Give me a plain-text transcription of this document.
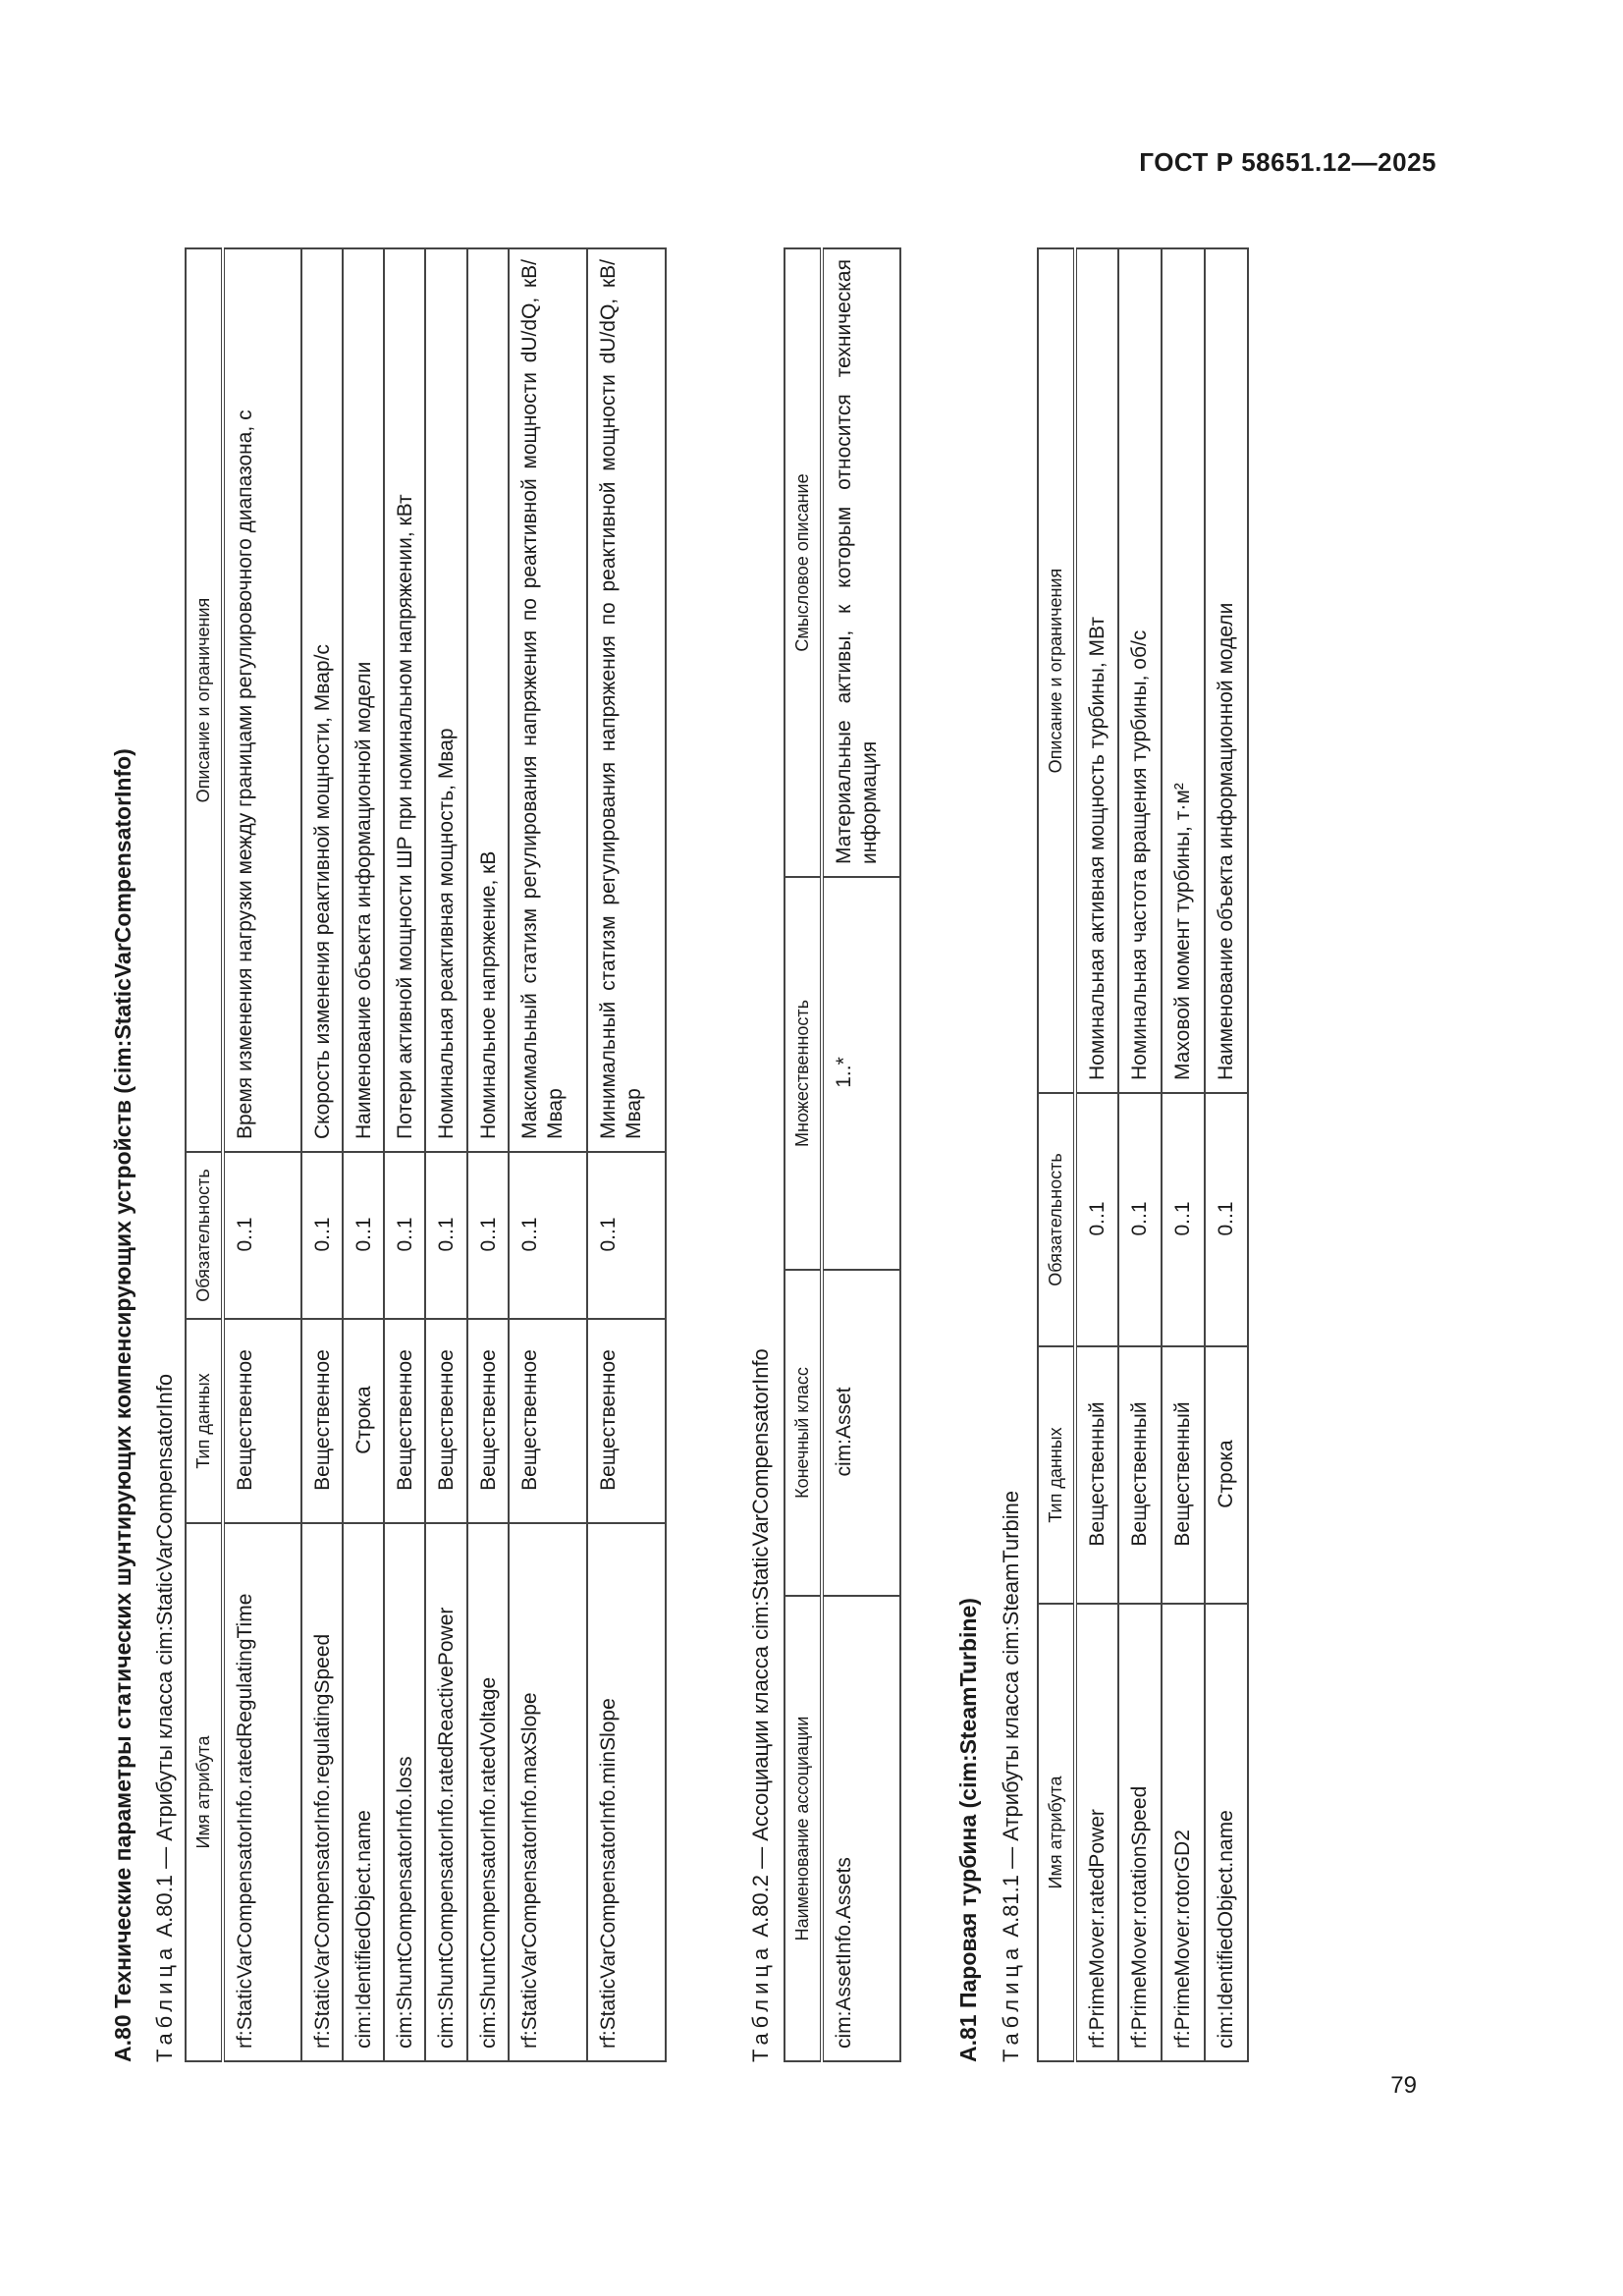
ГОСТ Р 58651.12—2025
А.80 Технические параметры статических шунтирующих компенсирующих устройств (cim:StaticVarCompensatorInfo) Таблица А.80.1 — Атрибуты класса cim:StaticVarCompensatorInfo Имя атрибута	Тип данных	Обязательность	Описание и ограничения
rf:StaticVarCompensatorInfo.ratedRegulatingTime	Вещественное	0..1	Время изменения нагрузки между границами регулировочного диапазона, с
rf:StaticVarCompensatorInfo.regulatingSpeed	Вещественное	0..1	Скорость изменения реактивной мощности, Мвар/с
cim:IdentifiedObject.name	Строка	0..1	Наименование объекта информационной модели
cim:ShuntCompensatorInfo.loss	Вещественное	0..1	Потери активной мощности ШР при номинальном напряжении, кВт
cim:ShuntCompensatorInfo.ratedReactivePower	Вещественное	0..1	Номинальная реактивная мощность, Мвар
cim:ShuntCompensatorInfo.ratedVoltage	Вещественное	0..1	Номинальное напряжение, кВ
rf:StaticVarCompensatorInfo.maxSlope	Вещественное	0..1	Максимальный статизм регулирования напряжения по реактивной мощности dU/dQ, кВ/Мвар
rf:StaticVarCompensatorInfo.minSlope	Вещественное	0..1	Минимальный статизм регулирования напряжения по реактивной мощности dU/dQ, кВ/Мвар
Таблица А.80.2 — Ассоциации класса cim:StaticVarCompensatorInfo Наименование ассоциации	Конечный класс	Множественность	Смысловое описание
cim:AssetInfo.Assets	cim:Asset	1..*	Материальные активы, к которым относится техническая информация
А.81 Паровая турбина (cim:SteamTurbine) Таблица А.81.1 — Атрибуты класса cim:SteamTurbine Имя атрибута	Тип данных	Обязательность	Описание и ограничения
rf:PrimeMover.ratedPower	Вещественный	0..1	Номинальная активная мощность турбины, МВт
rf:PrimeMover.rotationSpeed	Вещественный	0..1	Номинальная частота вращения турбины, об/с
rf:PrimeMover.rotorGD2	Вещественный	0..1	Маховой момент турбины, т·м²
cim:IdentifiedObject.name	Строка	0..1	Наименование объекта информационной модели
79
